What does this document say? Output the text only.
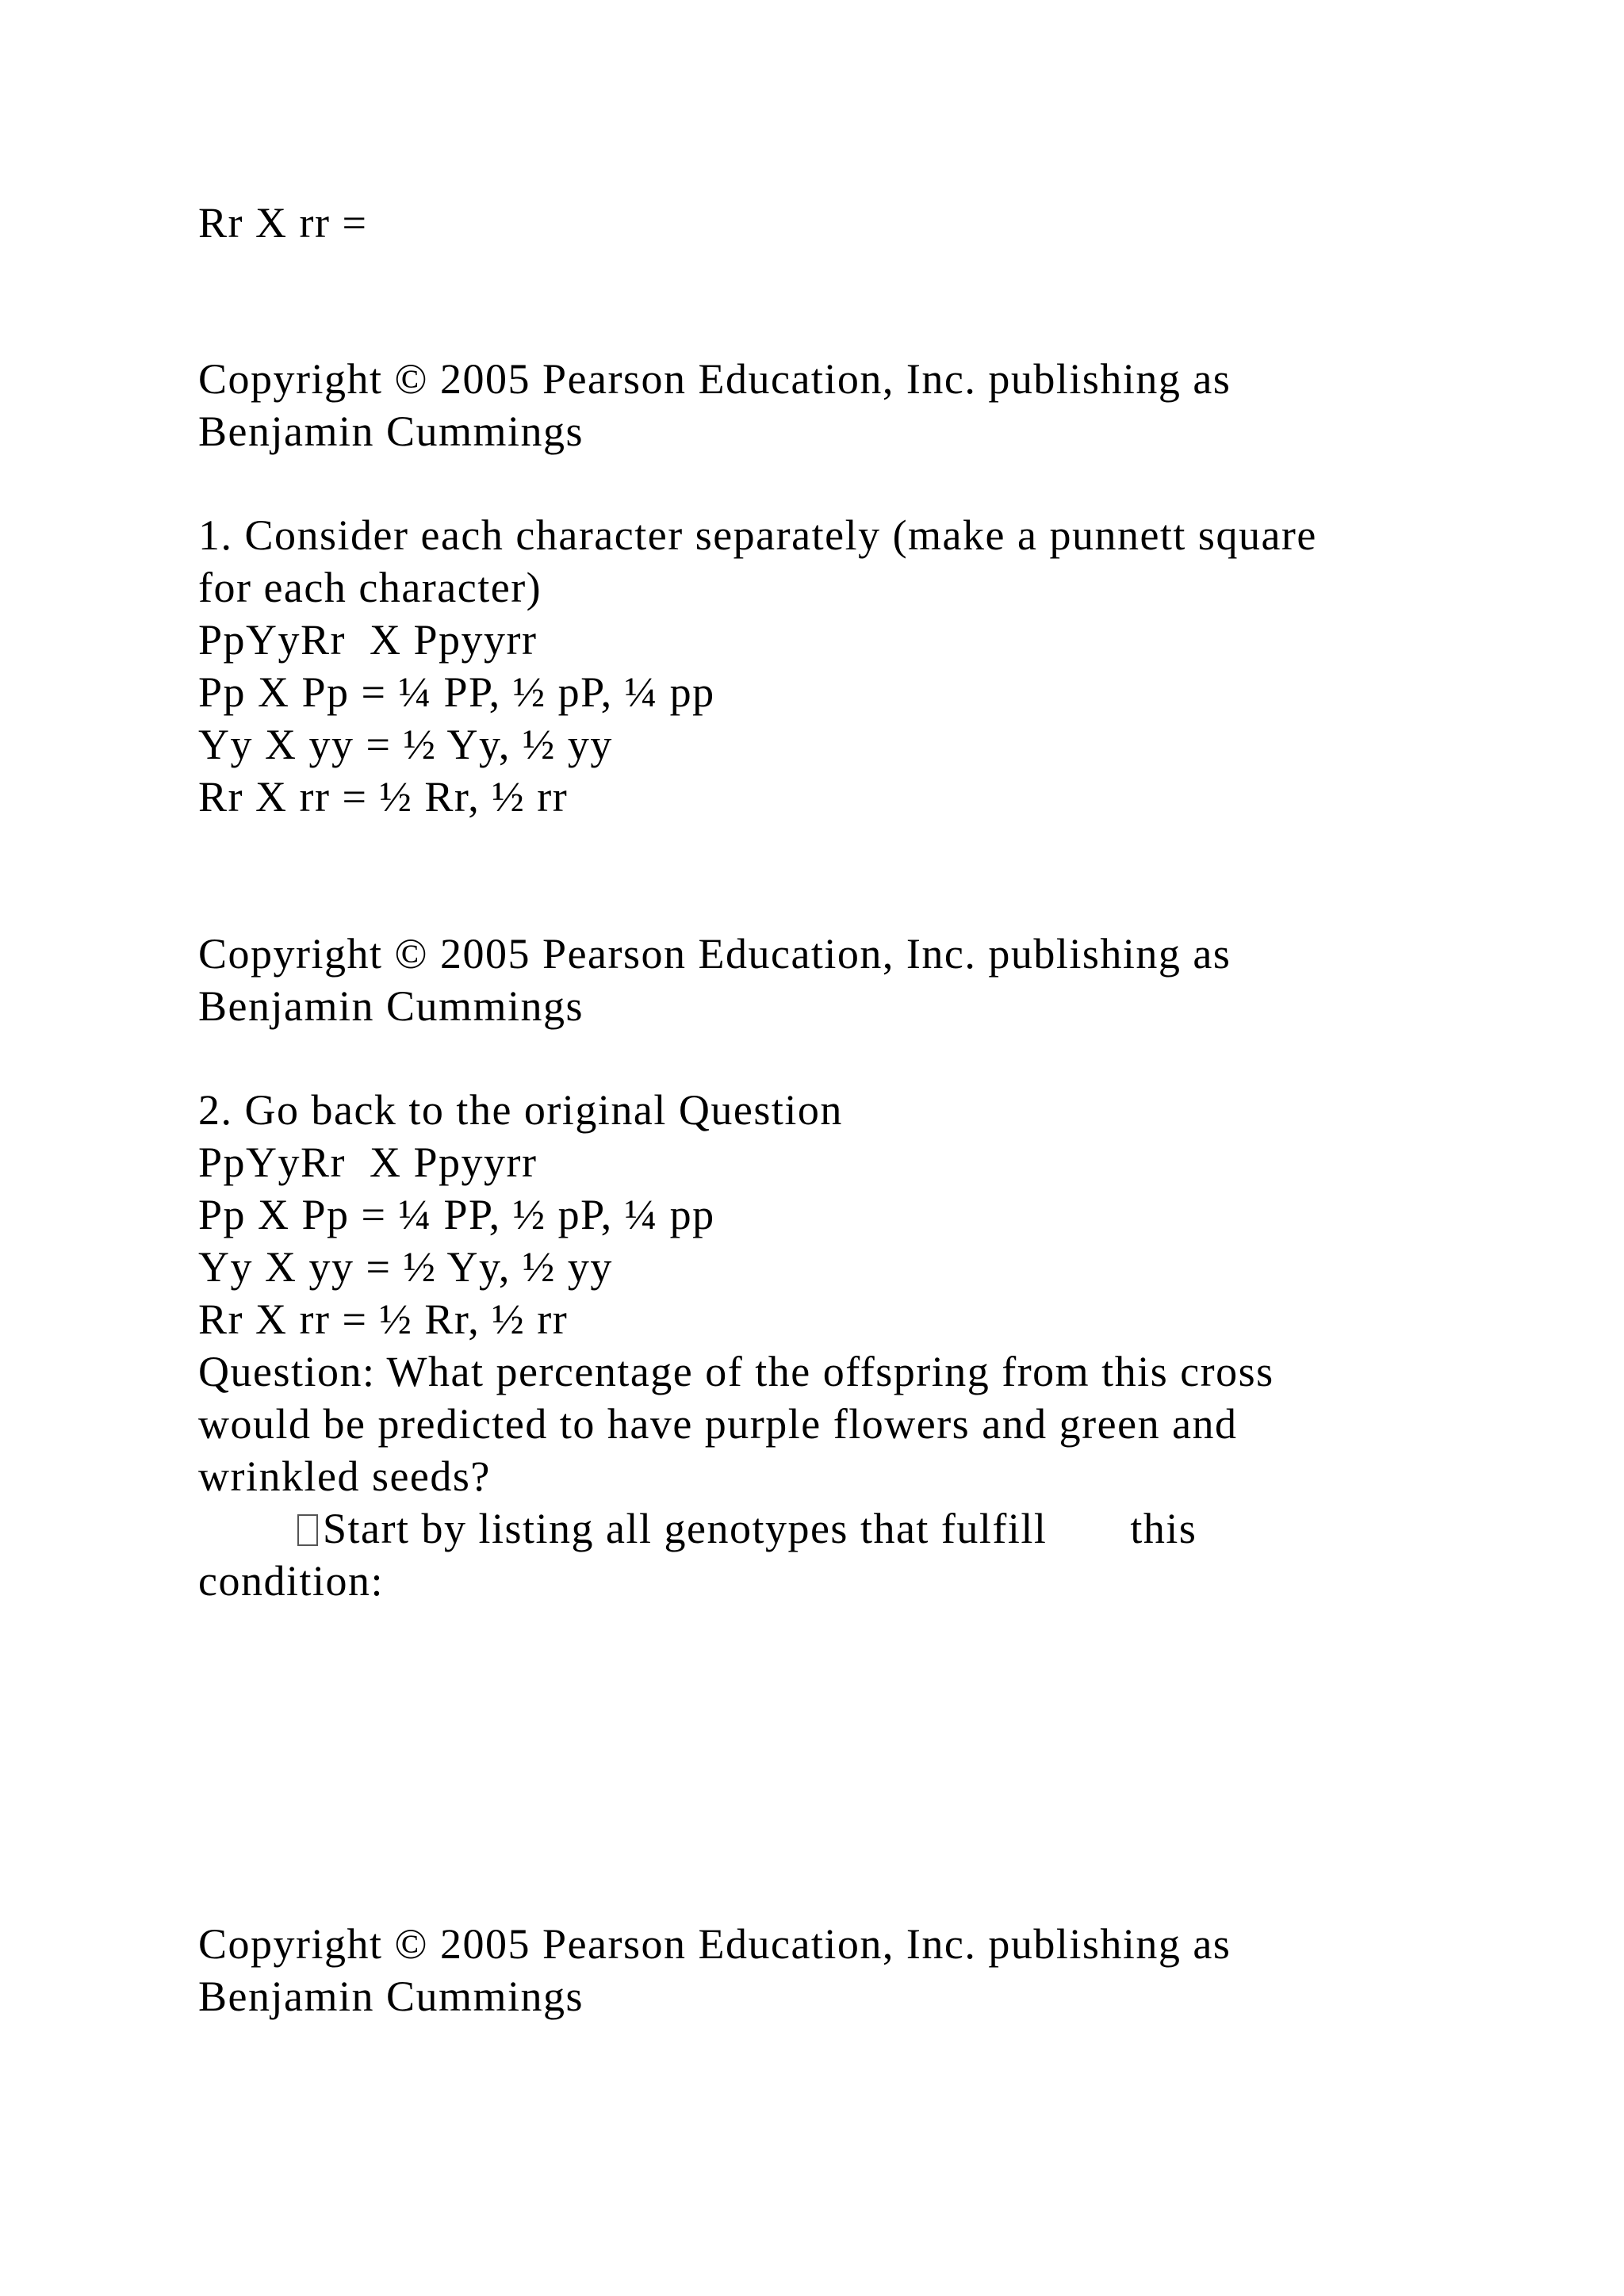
Rr X rr =

Copyright © 2005 Pearson Education, Inc. publishing as

Benjamin Cummings

1. Consider each character separately (make a punnett square

for each character)

PpYyRr  X Ppyyrr

Pp X Pp = ¼ PP, ½ pP, ¼ pp

Yy X yy = ½ Yy, ½ yy

Rr X rr = ½ Rr, ½ rr

Copyright © 2005 Pearson Education, Inc. publishing as

Benjamin Cummings

2. Go back to the original Question

PpYyRr  X Ppyyrr

Pp X Pp = ¼ PP, ½ pP, ¼ pp

Yy X yy = ½ Yy, ½ yy

Rr X rr = ½ Rr, ½ rr

Question: What percentage of the offspring from this cross

would be predicted to have purple flowers and green and

wrinkled seeds?

Start by listing all genotypes that fulfill       this

condition:

Copyright © 2005 Pearson Education, Inc. publishing as

Benjamin Cummings
